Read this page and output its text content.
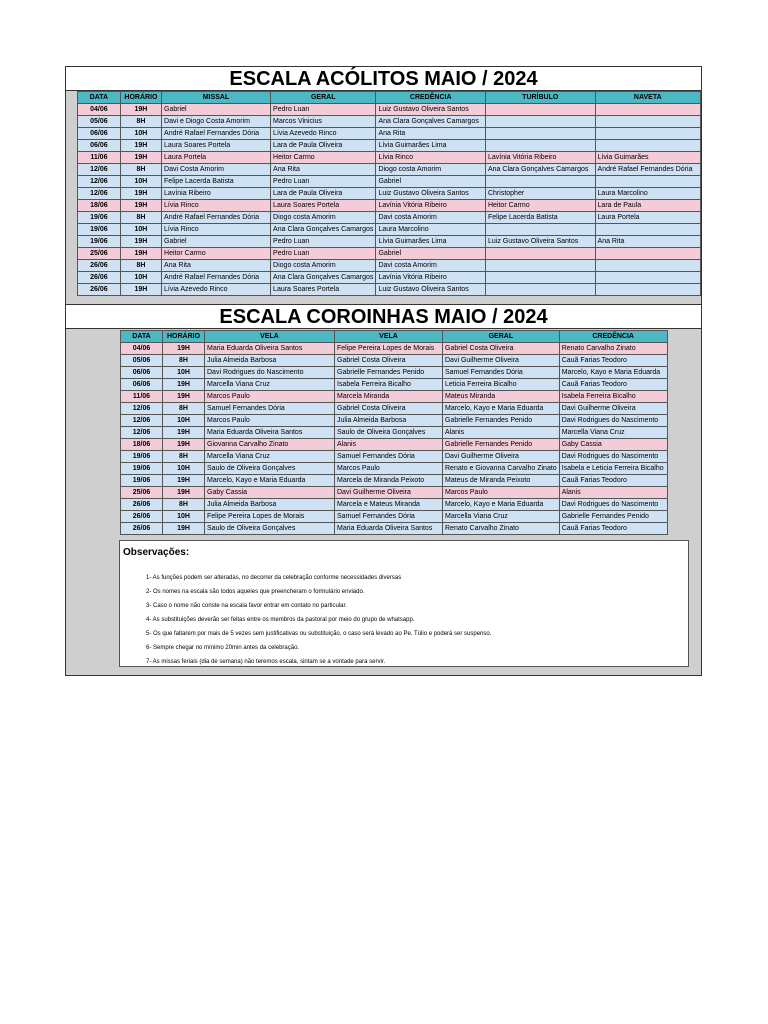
ESCALA ACÓLITOS MAIO / 2024
DATA	HORÁRIO	MISSAL	GERAL	CREDÊNCIA	TURÍBULO	NAVETA
04/06	19H	Gabriel	Pedro Luan	Luiz Gustavo Oliveira Santos		
05/06	8H	Davi e Diogo Costa Amorim	Marcos Vinicius	Ana Clara Gonçalves Camargos		
06/06	10H	André Rafael Fernandes Dória	Lívia Azevedo Rinco	Ana Rita		
06/06	19H	Laura Soares Portela	Lara de Paula Oliveira	Lívia Guimarães Lima		
11/06	19H	Laura Portela	Heitor Carmo	Lívia Rinco	Lavínia Vitória Ribeiro	Lívia Guimarães
12/06	8H	Davi Costa Amorim	Ana Rita	Diogo costa Amorim	Ana Clara Gonçalves Camargos	André Rafael Fernandes Dória
12/06	10H	Felipe Lacerda Batista	Pedro Luan	Gabriel		
12/06	19H	Lavínia Ribeiro	Lara de Paula Oliveira	Luiz Gustavo Oliveira Santos	Christopher	Laura Marcolino
18/06	19H	Lívia Rinco	Laura Soares Portela	Lavínia Vitória Ribeiro	Heitor Carmo	Lara de Paula
19/06	8H	André Rafael Fernandes Dória	Diogo costa Amorim	Davi costa Amorim	Felipe Lacerda Batista	Laura Portela
19/06	10H	Lívia Rinco	Ana Clara Gonçalves Camargos	Laura Marcolino		
19/06	19H	Gabriel	Pedro Luan	Lívia Guimarães Lima	Luiz Gustavo Oliveira Santos	Ana Rita
25/06	19H	Heitor Carmo	Pedro Luan	Gabriel		
26/06	8H	Ana Rita	Diogo costa Amorim	Davi costa Amorim		
26/06	10H	André Rafael Fernandes Dória	Ana Clara Gonçalves Camargos	Lavínia Vitória Ribeiro		
26/06	19H	Lívia Azevedo Rinco	Laura Soares Portela	Luiz Gustavo Oliveira Santos		
ESCALA COROINHAS MAIO / 2024
DATA	HORÁRIO	VELA	VELA	GERAL	CREDÊNCIA
04/06	19H	Maria Eduarda Oliveira Santos	Felipe Pereira Lopes de Morais	Gabriel Costa Oliveira	Renato Carvalho Zinato
05/06	8H	Julia Almeida Barbosa	Gabriel Costa Oliveira	Davi Guilherme Oliveira	Cauã Farias Teodoro
06/06	10H	Davi Rodrigues do Nascimento	Gabrielle Fernandes Penido	Samuel Fernandes Dória	Marcelo, Kayo e Maria Eduarda
06/06	19H	Marcella Viana Cruz	Isabela Ferreira Bicalho	Leticia Ferreira Bicalho	Cauã Farias Teodoro
11/06	19H	Marcos Paulo	Marcela Miranda	Mateus Miranda	Isabela Ferreira Bicalho
12/06	8H	Samuel Fernandes Dória	Gabriel Costa Oliveira	Marcelo, Kayo e Maria Eduarda	Davi Guilherme Oliveira
12/06	10H	Marcos Paulo	Julia Almeida Barbosa	Gabrielle Fernandes Penido	Davi Rodrigues do Nascimento
12/06	19H	Maria Eduarda Oliveira Santos	Saulo de Oliveira Gonçalves	Alanis	Marcella Viana Cruz
18/06	19H	Giovanna Carvalho Zinato	Alanis	Gabrielle Fernandes Penido	Gaby Cassia
19/06	8H	Marcella Viana Cruz	Samuel Fernandes Dória	Davi Guilherme Oliveira	Davi Rodrigues do Nascimento
19/06	10H	Saulo de Oliveira Gonçalves	Marcos Paulo	Renato e Giovanna Carvalho Zinato	Isabela e Leticia Ferreira Bicalho
19/06	19H	Marcelo, Kayo e Maria Eduarda	Marcela de Miranda Peixoto	Mateus de Miranda Peixoto	Cauã Farias Teodoro
25/06	19H	Gaby Cassia	Davi Guilherme Oliveira	Marcos Paulo	Alanis
26/06	8H	Julia Almeida Barbosa	Marcela e Mateus Miranda	Marcelo, Kayo e Maria Eduarda	Davi Rodrigues do Nascimento
26/06	10H	Felipe Pereira Lopes de Morais	Samuel Fernandes Dória	Marcella Viana Cruz	Gabrielle Fernandes Penido
26/06	19H	Saulo de Oliveira Gonçalves	Maria Eduarda Oliveira Santos	Renato Carvalho Zinato	Cauã Farias Teodoro
Observações:
1- As funções podem ser alteradas, no decorrer da celebração conforme necessidades diversas
2- Os nomes na escala são todos aqueles que preencheram o formulário enviado.
3- Caso o nome não conste na escala favor entrar em contato no particular.
4- As substituições deverão ser feitas entre os membros da pastoral por meio do grupo de whatsapp.
5- Os que faltarem por mais de 5 vezes sem justificativas ou substituição, o caso será levado ao Pe. Túlio e poderá ser suspenso.
6- Sempre chegar no mínimo 20min antes da celebração.
7- As missas feriais (dia de semana) não teremos escala, sintam se a vontade para servir.
